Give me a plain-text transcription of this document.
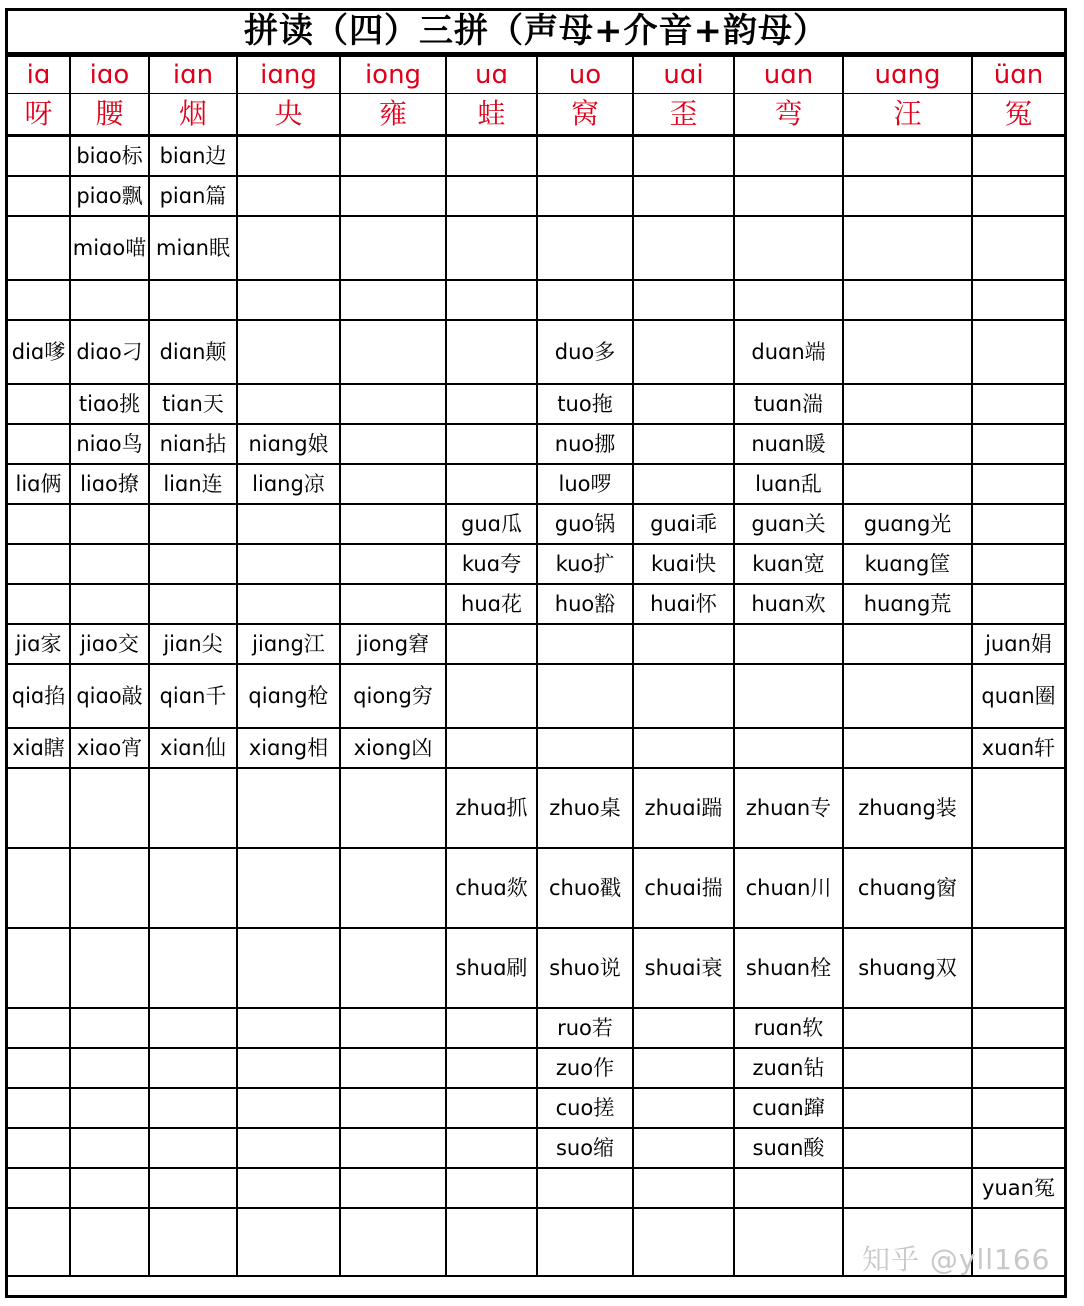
拼读（四）三拼（声母+介音+韵母）
iɑ	iɑo	iɑn	iɑng	iong	uɑ	uo	uɑi	uɑn	uɑng	üɑn
呀	腰	烟	央	雍	蛙	窝	歪	弯	汪	冤
	biɑo标	biɑn边								
	piɑo飘	piɑn篇								
	miɑo喵	miɑn眠								

diɑ嗲	diɑo刁	diɑn颠				duo多		duɑn端		
	tiɑo挑	tiɑn天				tuo拖		tuɑn湍		
	niɑo鸟	niɑn拈	niɑng娘			nuo挪		nuɑn暖		
liɑ俩	liɑo撩	liɑn连	liɑng凉			luo啰		luɑn乱		
					guɑ瓜	guo锅	guɑi乖	guɑn关	guɑng光	
					kuɑ夸	kuo扩	kuɑi快	kuɑn宽	kuɑng筐	
					huɑ花	huo豁	huɑi怀	huɑn欢	huɑng荒	
jiɑ家	jiɑo交	jiɑn尖	jiɑng江	jiong窘						juɑn娟
qiɑ掐	qiɑo敲	qiɑn千	qiɑng枪	qiong穷						quɑn圈
xiɑ瞎	xiɑo宵	xiɑn仙	xiɑng相	xiong凶						xuɑn轩
					zhuɑ抓	zhuo桌	zhuɑi踹	zhuɑn专	zhuɑng装	
					chuɑ欻	chuo戳	chuɑi揣	chuɑn川	chuɑng窗	
					shuɑ刷	shuo说	shuɑi衰	shuɑn栓	shuɑng双	
						ruo若		ruɑn软		
						zuo作		zuɑn钻		
						cuo搓		cuɑn蹿		
						suo缩		suɑn酸		
										yuan冤

知乎 @yll166
